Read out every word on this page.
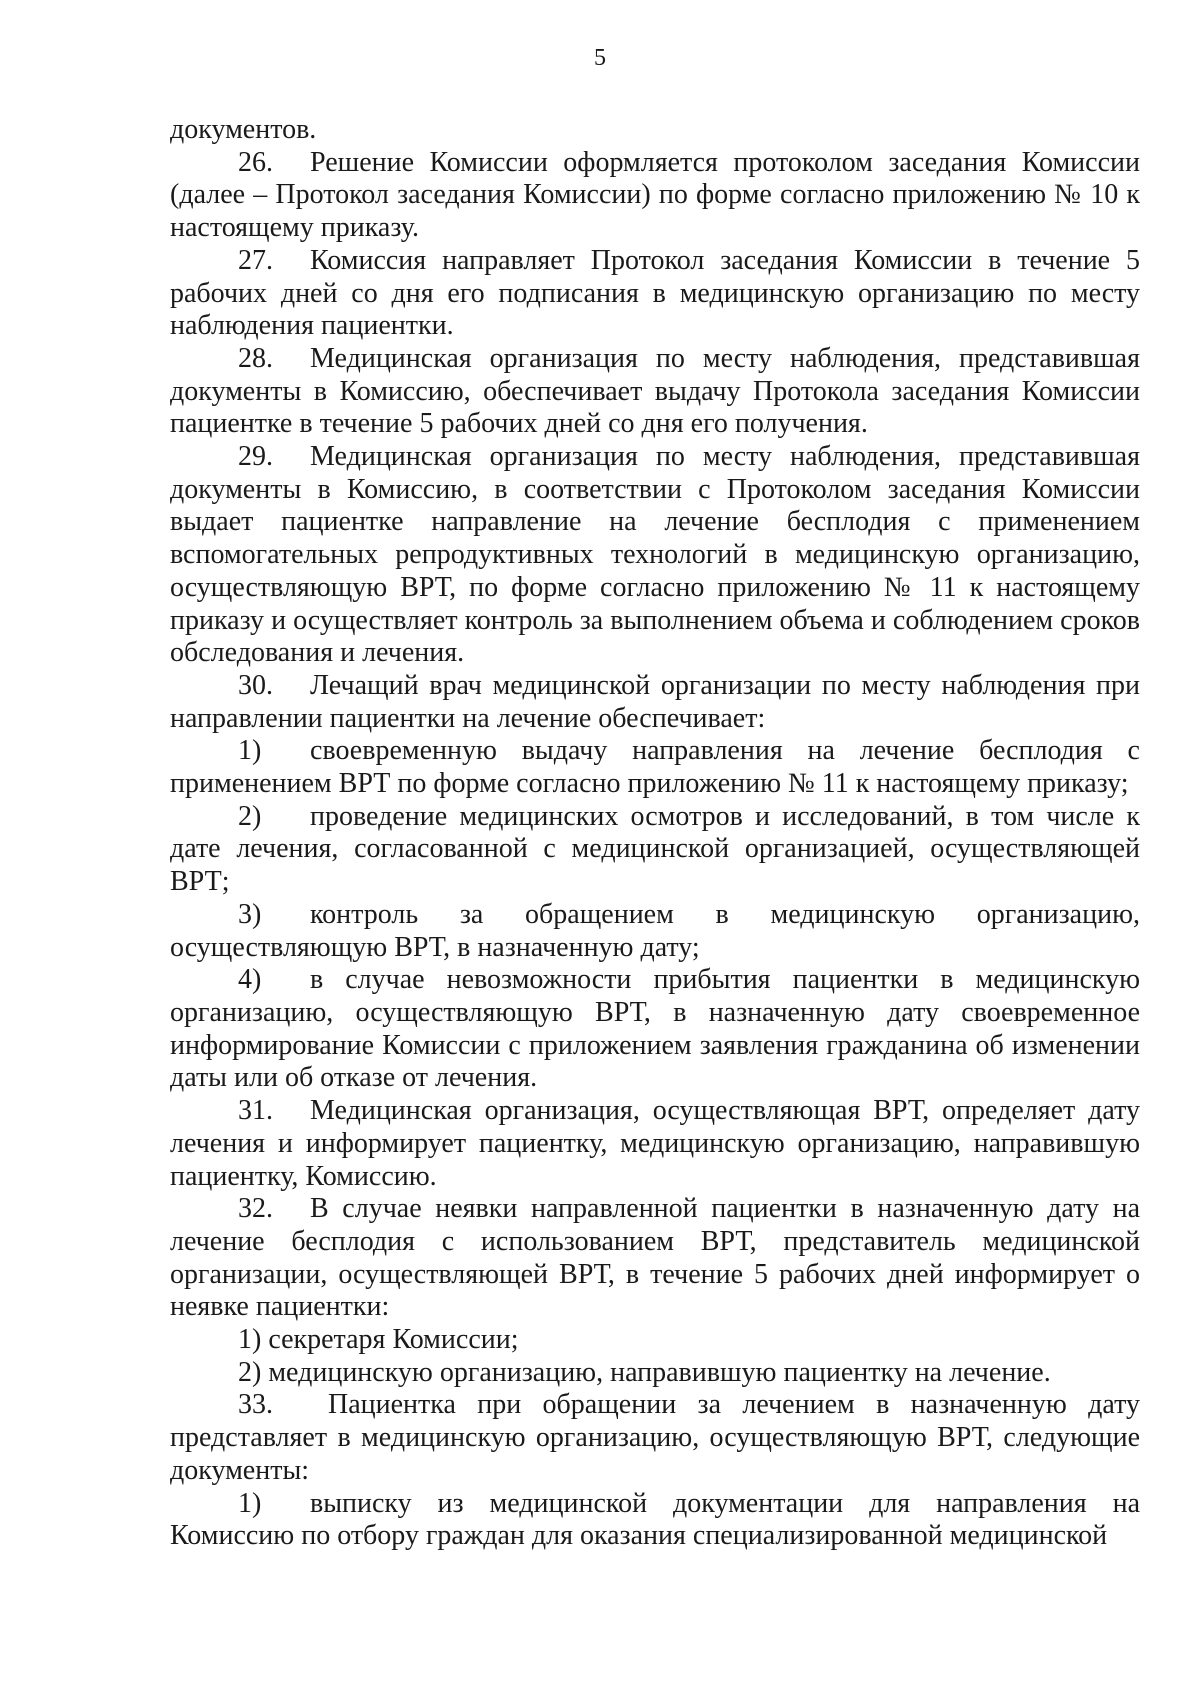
5

документов.

26. Решение Комиссии оформляется протоколом заседания Комиссии (далее – Протокол заседания Комиссии) по форме согласно приложению № 10 к настоящему приказу.

27. Комиссия направляет Протокол заседания Комиссии в течение 5 рабочих дней со дня его подписания в медицинскую организацию по месту наблюдения пациентки.

28. Медицинская организация по месту наблюдения, представившая документы в Комиссию, обеспечивает выдачу Протокола заседания Комиссии пациентке в течение 5 рабочих дней со дня его получения.

29. Медицинская организация по месту наблюдения, представившая документы в Комиссию, в соответствии с Протоколом заседания Комиссии выдает пациентке направление на лечение бесплодия с применением вспомогательных репродуктивных технологий в медицинскую организацию, осуществляющую ВРТ, по форме согласно приложению № 11 к настоящему приказу и осуществляет контроль за выполнением объема и соблюдением сроков обследования и лечения.

30. Лечащий врач медицинской организации по месту наблюдения при направлении пациентки на лечение обеспечивает:

1) своевременную выдачу направления на лечение бесплодия с применением ВРТ по форме согласно приложению № 11 к настоящему приказу;

2) проведение медицинских осмотров и исследований, в том числе к дате лечения, согласованной с медицинской организацией, осуществляющей ВРТ;

3) контроль за обращением в медицинскую организацию, осуществляющую ВРТ, в назначенную дату;

4) в случае невозможности прибытия пациентки в медицинскую организацию, осуществляющую ВРТ, в назначенную дату своевременное информирование Комиссии с приложением заявления гражданина об изменении даты или об отказе от лечения.

31. Медицинская организация, осуществляющая ВРТ, определяет дату лечения и информирует пациентку, медицинскую организацию, направившую пациентку, Комиссию.

32. В случае неявки направленной пациентки в назначенную дату на лечение бесплодия с использованием ВРТ, представитель медицинской организации, осуществляющей ВРТ, в течение 5 рабочих дней информирует о неявке пациентки:

1) секретаря Комиссии;

2) медицинскую организацию, направившую пациентку на лечение.

33. Пациентка при обращении за лечением в назначенную дату представляет в медицинскую организацию, осуществляющую ВРТ, следующие документы:

1) выписку из медицинской документации для направления на Комиссию по отбору граждан для оказания специализированной медицинской
